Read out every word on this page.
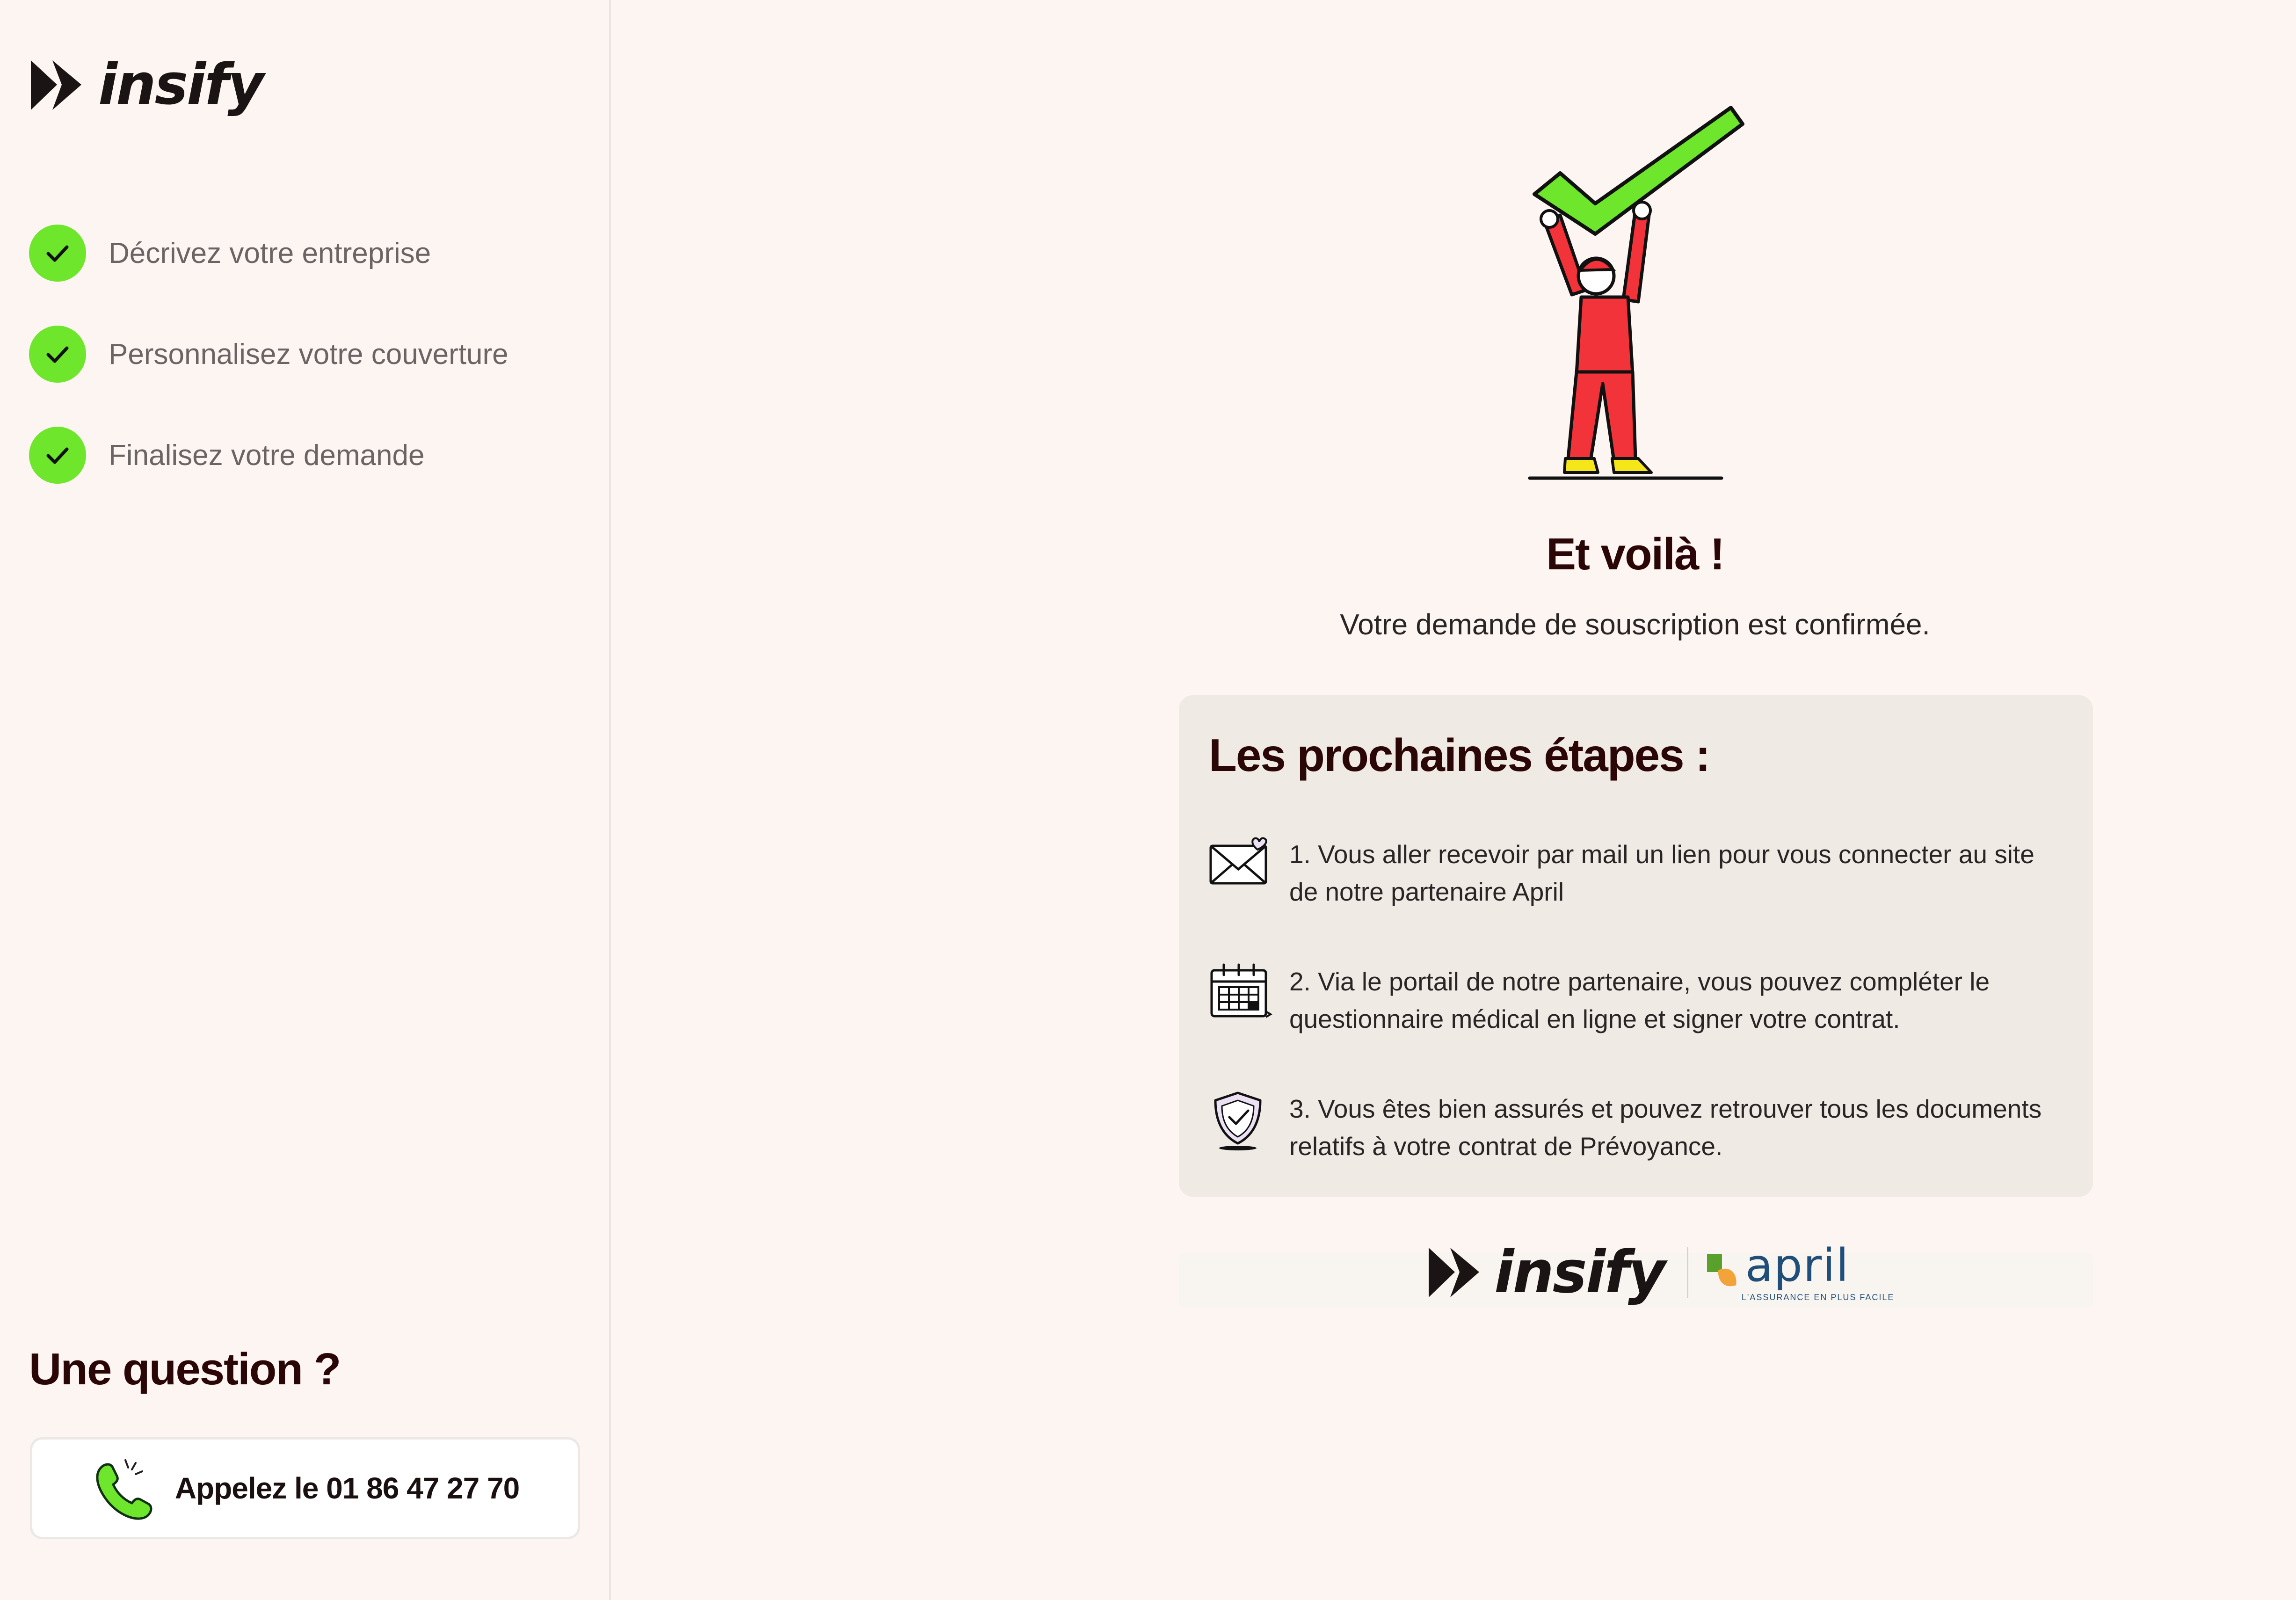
insify
Décrivez votre entreprise
Personnalisez votre couverture
Finalisez votre demande
Une question ?
Appelez le 01 86 47 27 70
Et voilà !
Votre demande de souscription est confirmée.
Les prochaines étapes :
1. Vous aller recevoir par mail un lien pour vous connecter au site de notre partenaire April
2. Via le portail de notre partenaire, vous pouvez compléter le questionnaire médical en ligne et signer votre contrat.
3. Vous êtes bien assurés et pouvez retrouver tous les documents relatifs à votre contrat de Prévoyance.
insify april
L'ASSURANCE EN PLUS FACILE
